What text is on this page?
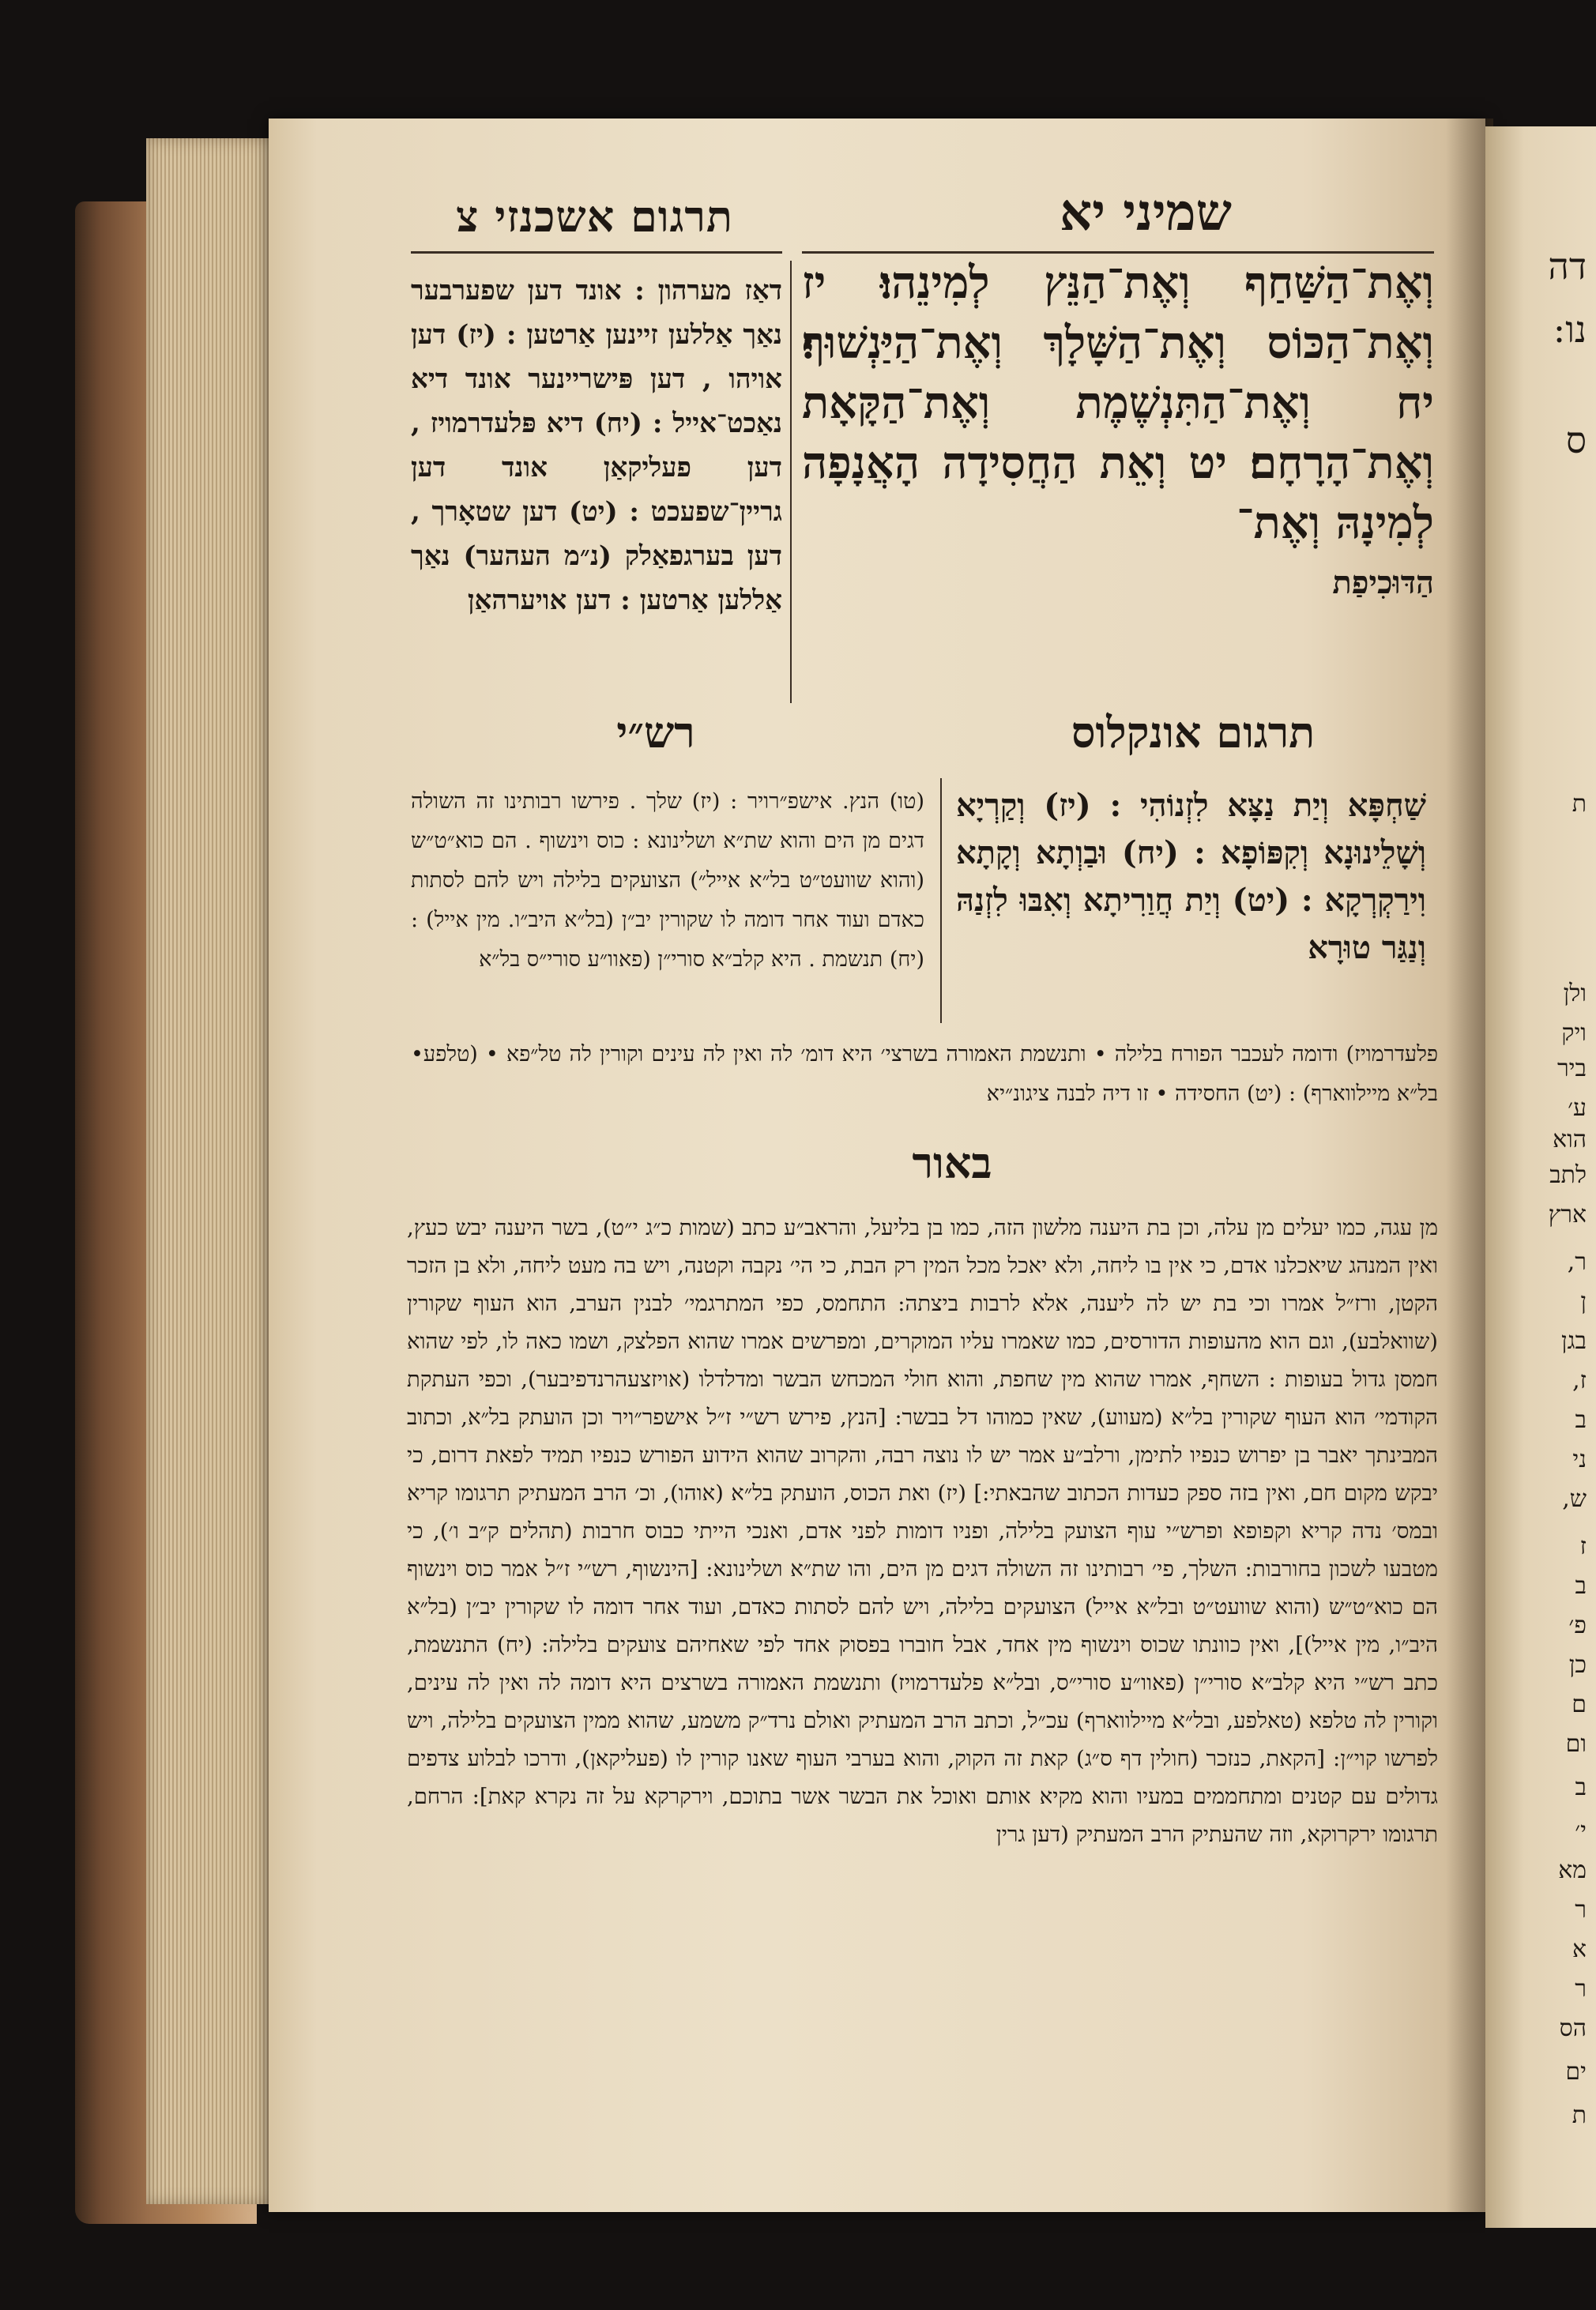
דה
נו:
ס
ת
ולן
ויק
ביר
ע׳
הוא
לתב
ארץ
ר,
ן
בגן
ז,
ב
ני
ש,
ז
ב
פ׳
כן
ם
ום
ב
י׳
מא
ר
א
ר
הס
ים
ת
תרגום אשכנזי צ	שמיני יא
וְאֶת־הַשַּׁחַף וְאֶת־הַנֵּץ לְמִינֵהוּ׃ יז וְאֶת־הַכּוֹס וְאֶת־הַשָּׁלָךְ וְאֶת־הַיַּנְשׁוּף׃ יח וְאֶת־הַתִּנְשֶׁמֶת וְאֶת־הַקָּאָת וְאֶת־הָרָחָם׃ יט וְאֵת הַחֲסִידָה הָאֲנָפָה לְמִינָהּ וְאֶת־
הַדּוּכִיפַת
דאַז מערהון : אונד דען שפערבער נאַך אַללען זיינען אַרטען : (יז) דען אויהו , דען פּישריינער אונד דיא נאַכט־אייל : (יח) דיא פּלעדרמויז , דען פעליקאַן אונד דען גריין־שפעכט : (יט) דען שטאָרך , דען בערגפאַלק (נ״מ העהער) נאַך אַללען אַרטען : דען אויערהאַן
תרגום אונקלוס
רש״י
שַׁחְפָּא וְיַת נַצָּא לִזְנוֹהִי : (יז) וְקַרְיָא וְשָׁלֵינוּנָא וְקִפּוֹפָא : (יח) וּבַוְתָא וְקָתָא וִירַקְרְקָא : (יט) וְיַת חֲוַרִיתָא וְאִבּוּ לִזְנַהּ וְנַגַּר טוּרָא
(טו) הנץ. אישפ״רויר : (יז) שלך . פירשו רבותינו זה השולה דגים מן הים והוא שת״א ושלינונא : כוס וינשוף . הם כוא״ט״ש (והוא שוועט״ט בל״א אייל״) הצועקים בלילה ויש להם לסתות כאדם ועוד אחר דומה לו שקורין יב״ן (בל״א היב״ו. מין אייל) : (יח) תנשמת . היא קלב״א סורי״ן (פאוו״ע סורי״ס בל״א
פלעדרמויז) ודומה לעכבר הפורח בלילה • ותנשמת האמורה בשרצי׳ היא דומ׳ לה ואין לה עינים וקורין לה טל״פא • (טלפע• בל״א מיילווארף) : (יט) החסידה • זו דיה לבנה ציגונ״יא
באור
מן עגה, כמו יעלים מן עלה, וכן בת היענה מלשון הזה, כמו בן בליעל, והראב״ע כתב (שמות כ״ג י״ט), בשר היענה יבש כעץ, ואין המנהג שיאכלנו אדם, כי אין בו ליחה, ולא יאכל מכל המין רק הבת, כי הי׳ נקבה וקטנה, ויש בה מעט ליחה, ולא בן הזכר הקטן, ורז״ל אמרו וכי בת יש לה ליענה, אלא לרבות ביצתה: התחמס, כפי המתרגמי׳ לבנין הערב, הוא העוף שקורין (שוואלבע), וגם הוא מהעופות הדורסים, כמו שאמרו עליו המוקרים, ומפרשים אמרו שהוא הפלצק, ושמו כאה לו, לפי שהוא חמסן גדול בעופות : השחף, אמרו שהוא מין שחפת, והוא חולי המכחש הבשר ומדלדלו (אויזצעהרנדפיבער), וכפי העתקת הקודמי׳ הוא העוף שקורין בל״א (מעווע), שאין כמוהו דל בבשר: [הנץ, פירש רש״י ז״ל אישפר״ויר וכן הועתק בל״א, וכתוב המבינתך יאבר בן יפרוש כנפיו לתימן, ורלב״ע אמר יש לו נוצה רבה, והקרוב שהוא הידוע הפורש כנפיו תמיד לפאת דרום, כי יבקש מקום חם, ואין בזה ספק כעדות הכתוב שהבאתי:] (יז) ואת הכוס, הועתק בל״א (אוהו), וכ׳ הרב המעתיק תרגומו קריא ובמס׳ נדה קריא וקפופא ופרש״י עוף הצועק בלילה, ופניו דומות לפני אדם, ואנכי הייתי כבוס חרבות (תהלים ק״ב ו׳), כי מטבעו לשכון בחורבות: השלך, פי׳ רבותינו זה השולה דגים מן הים, והו שת״א ושלינונא: [הינשוף, רש״י ז״ל אמר כוס וינשוף הם כוא״ט״ש (והוא שוועט״ט ובל״א אייל) הצועקים בלילה, ויש להם לסתות כאדם, ועוד אחר דומה לו שקורין יב״ן (בל״א היב״ו, מין אייל)], ואין כוונתו שכוס וינשוף מין אחד, אבל חוברו בפסוק אחד לפי שאחיהם צועקים בלילה: (יח) התנשמת, כתב רש״י היא קלב״א סורי״ן (פאוו״ע סורי״ס, ובל״א פלעדרמויז) ותנשמת האמורה בשרצים היא דומה לה ואין לה עינים, וקורין לה טלפא (טאלפע, ובל״א מיילווארף) עכ״ל, וכתב הרב המעתיק ואולם נרד״ק משמע, שהוא ממין הצועקים בלילה, ויש לפרשו קוי״ן: [הקאת, כנזכר (חולין דף ס״ג) קאת זה הקוק, והוא בערבי העוף שאנו קורין לו (פעליקאן), ודרכו לבלוע צדפים גדולים עם קטנים ומתחממים במעיו והוא מקיא אותם ואוכל את הבשר אשר בתוכם, וירקרקא על זה נקרא קאת]: הרחם, תרגומו ירקרוקא, וזה שהעתיק הרב המעתיק (דען גרין
